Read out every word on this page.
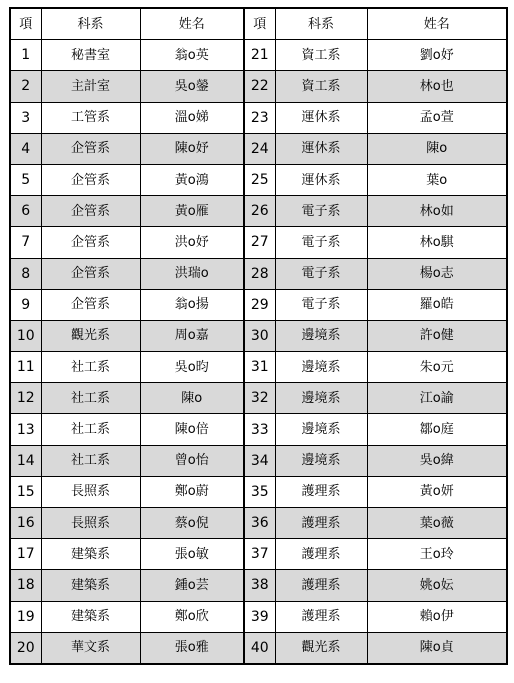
項	科系	姓名	項	科系	姓名
1	秘書室	翁o英	21	資工系	劉o妤
2	主計室	吳o鎣	22	資工系	林o也
3	工管系	溫o娣	23	運休系	孟o萱
4	企管系	陳o妤	24	運休系	陳o
5	企管系	黃o鴻	25	運休系	葉o
6	企管系	黃o雁	26	電子系	林o如
7	企管系	洪o妤	27	電子系	林o騏
8	企管系	洪瑞o	28	電子系	楊o志
9	企管系	翁o揚	29	電子系	羅o皓
10	觀光系	周o嘉	30	邊境系	許o健
11	社工系	吳o昀	31	邊境系	朱o元
12	社工系	陳o	32	邊境系	江o諭
13	社工系	陳o倍	33	邊境系	鄒o庭
14	社工系	曾o怡	34	邊境系	吳o緯
15	長照系	鄭o蔚	35	護理系	黃o妍
16	長照系	蔡o倪	36	護理系	葉o薇
17	建築系	張o敏	37	護理系	王o玲
18	建築系	鍾o芸	38	護理系	姚o妘
19	建築系	鄭o欣	39	護理系	賴o伊
20	華文系	張o雅	40	觀光系	陳o貞
